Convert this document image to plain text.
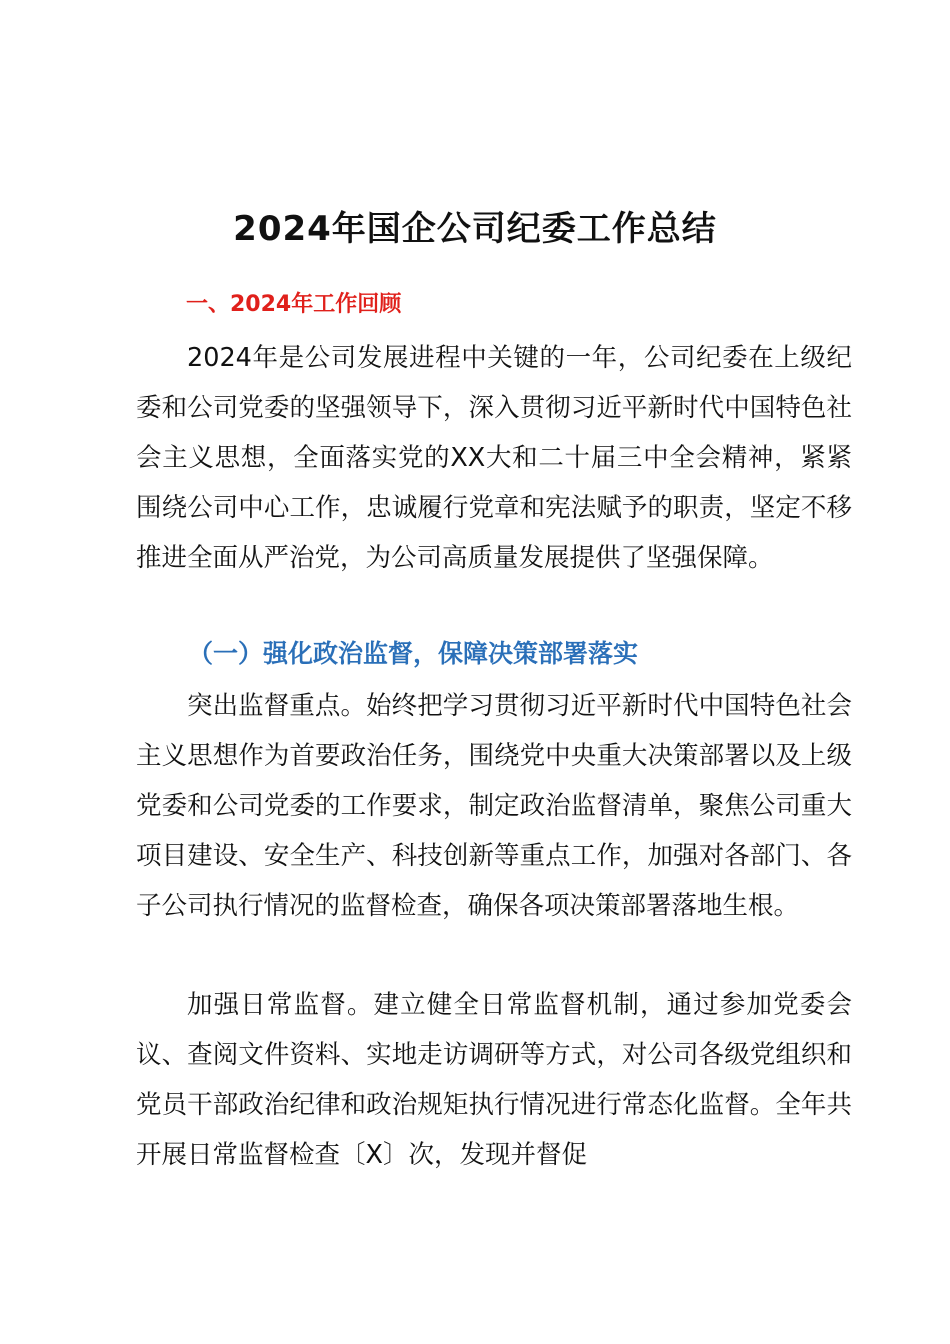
2024年国企公司纪委工作总结
一、2024年工作回顾

2024年是公司发展进程中关键的一年，公司纪委在上级纪委和公司党委的坚强领导下，深入贯彻习近平新时代中国特色社会主义思想，全面落实党的XX大和二十届三中全会精神，紧紧围绕公司中心工作，忠诚履行党章和宪法赋予的职责，坚定不移推进全面从严治党，为公司高质量发展提供了坚强保障。

（一）强化政治监督，保障决策部署落实

突出监督重点。始终把学习贯彻习近平新时代中国特色社会主义思想作为首要政治任务，围绕党中央重大决策部署以及上级党委和公司党委的工作要求，制定政治监督清单，聚焦公司重大项目建设、安全生产、科技创新等重点工作，加强对各部门、各子公司执行情况的监督检查，确保各项决策部署落地生根。

加强日常监督。建立健全日常监督机制，通过参加党委会议、查阅文件资料、实地走访调研等方式，对公司各级党组织和党员干部政治纪律和政治规矩执行情况进行常态化监督。全年共开展日常监督检查〔X〕次，发现并督促
